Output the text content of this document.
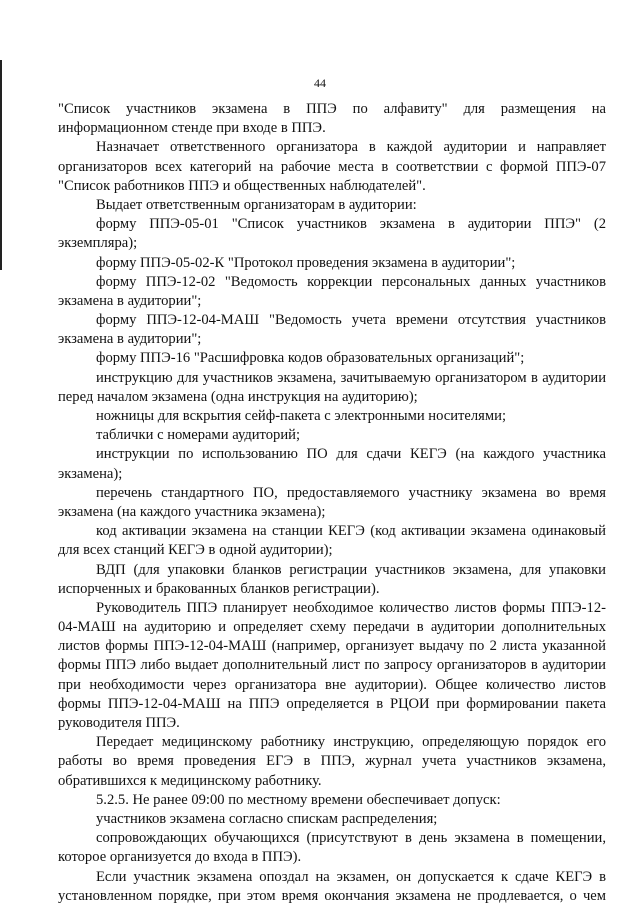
44
"Список участников экзамена в ППЭ по алфавиту" для размещения на
информационном стенде при входе в ППЭ.
Назначает ответственного организатора в каждой аудитории и направляет
организаторов всех категорий на рабочие места в соответствии с формой ППЭ-07
"Список работников ППЭ и общественных наблюдателей".
Выдает ответственным организаторам в аудитории:
форму ППЭ-05-01 "Список участников экзамена в аудитории ППЭ" (2
экземпляра);
форму ППЭ-05-02-К "Протокол проведения экзамена в аудитории";
форму ППЭ-12-02 "Ведомость коррекции персональных данных участников
экзамена в аудитории";
форму ППЭ-12-04-МАШ "Ведомость учета времени отсутствия участников
экзамена в аудитории";
форму ППЭ-16 "Расшифровка кодов образовательных организаций";
инструкцию для участников экзамена, зачитываемую организатором в аудитории
перед началом экзамена (одна инструкция на аудиторию);
ножницы для вскрытия сейф-пакета с электронными носителями;
таблички с номерами аудиторий;
инструкции по использованию ПО для сдачи КЕГЭ (на каждого участника
экзамена);
перечень стандартного ПО, предоставляемого участнику экзамена во время
экзамена (на каждого участника экзамена);
код активации экзамена на станции КЕГЭ (код активации экзамена одинаковый
для всех станций КЕГЭ в одной аудитории);
ВДП (для упаковки бланков регистрации участников экзамена, для упаковки
испорченных и бракованных бланков регистрации).
Руководитель ППЭ планирует необходимое количество листов формы ППЭ-12-
04-МАШ на аудиторию и определяет схему передачи в аудитории дополнительных
листов формы ППЭ-12-04-МАШ (например, организует выдачу по 2 листа указанной
формы ППЭ либо выдает дополнительный лист по запросу организаторов в аудитории
при необходимости через организатора вне аудитории). Общее количество листов
формы ППЭ-12-04-МАШ на ППЭ определяется в РЦОИ при формировании пакета
руководителя ППЭ.
Передает медицинскому работнику инструкцию, определяющую порядок его
работы во время проведения ЕГЭ в ППЭ, журнал учета участников экзамена,
обратившихся к медицинскому работнику.
5.2.5. Не ранее 09:00 по местному времени обеспечивает допуск:
участников экзамена согласно спискам распределения;
сопровождающих обучающихся (присутствуют в день экзамена в помещении,
которое организуется до входа в ППЭ).
Если участник экзамена опоздал на экзамен, он допускается к сдаче КЕГЭ в
установленном порядке, при этом время окончания экзамена не продлевается, о чем
